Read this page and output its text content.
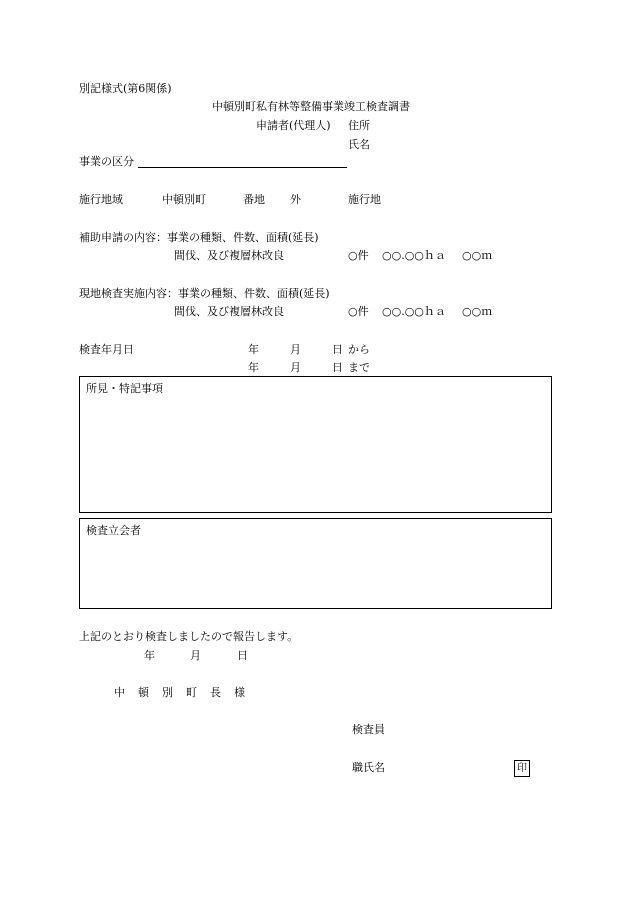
別記様式(第6関係)
中頓別町私有林等整備事業竣工検査調書
申請者(代理人) 住所
氏名
事業の区分
施行地域	中頓別町	番地 外	施行地
補助申請の内容：事業の種類、件数、面積(延長)
間伐、及び複層林改良	○件 ○○.○○ｈａ ○○ｍ
現地検査実施内容：事業の種類、件数、面積(延長)
間伐、及び複層林改良	○件 ○○.○○ｈａ ○○ｍ
検査年月日	年	月	日 から
年	月	日 まで
所見・特記事項
検査立会者
上記のとおり検査しましたので報告します。
年	月	日
中頓別町長様
検査員
職氏名	印
